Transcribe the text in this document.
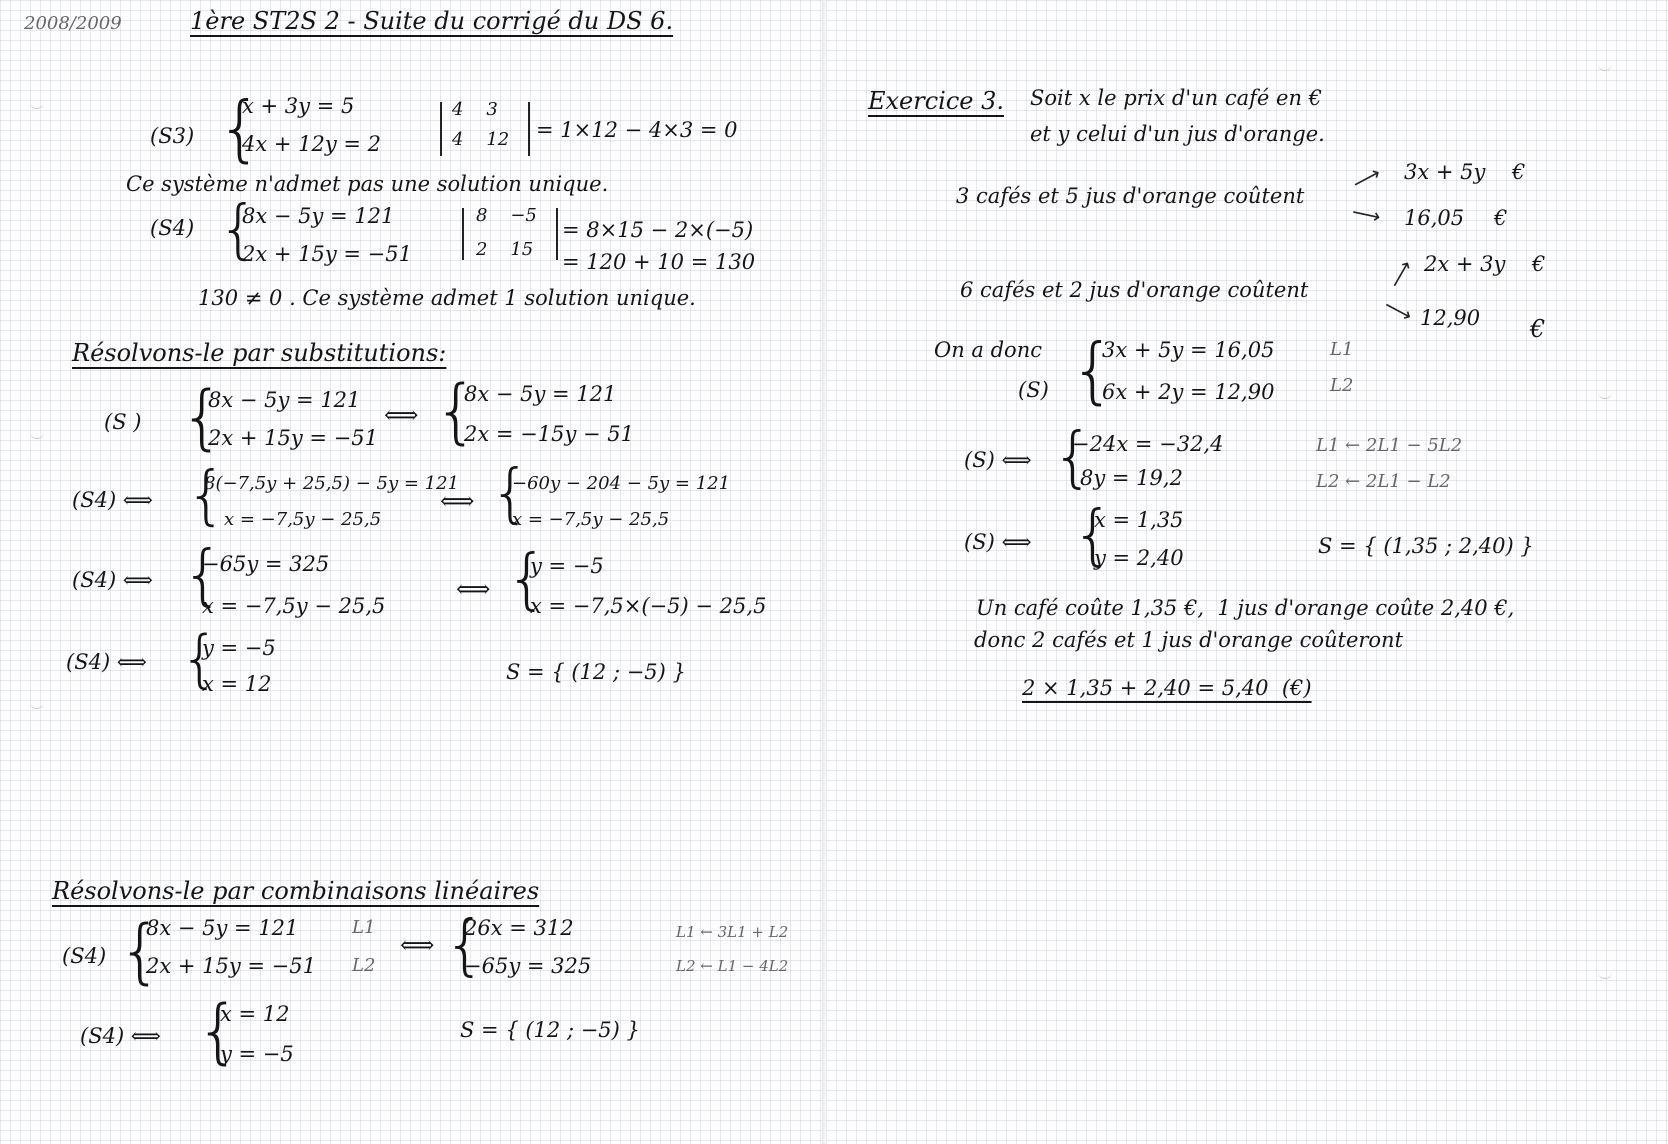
2008/2009	1ère ST2S 2 - Suite du corrigé du DS 6.
(S3) {
x + 3y = 5
4x + 12y = 2
4    3
4    12 = 1×12 − 4×3 = 0
Ce système n'admet pas une solution unique.
(S4) {
8x − 5y = 121
2x + 15y = −51
8    −5
2    15
= 8×15 − 2×(−5)
= 120 + 10 = 130
130 ≠ 0 . Ce système admet 1 solution unique.
Résolvons-le par substitutions:
(S ) {
8x − 5y = 121
2x + 15y = −51
⟺ {
8x − 5y = 121
2x = −15y − 51
(S4) ⟺ {
8(−7,5y + 25,5) − 5y = 121
x = −7,5y − 25,5
⟺ {
−60y − 204 − 5y = 121
x = −7,5y − 25,5
(S4) ⟺ {
−65y = 325
x = −7,5y − 25,5
⟺ {
y = −5
x = −7,5×(−5) − 25,5
(S4) ⟺ {
y = −5
x = 12	S = { (12 ; −5) }
Résolvons-le par combinaisons linéaires
(S4) {
8x − 5y = 121	L1
2x + 15y = −51 L2
⟺ {
26x = 312
−65y = 325
L1 ← 3L1 + L2
L2 ← L1 − 4L2
(S4) ⟺ {
x = 12
y = −5
S = { (12 ; −5) }
Exercice 3. Soit x le prix d'un café en €
et y celui d'un jus d'orange.
3 cafés et 5 jus d'orange coûtent
⟶ 3x + 5y €
⟶ 16,05 €
6 cafés et 2 jus d'orange coûtent	⟶ 2x + 3y €
⟶ 12,90 €
On a donc
(S) {
3x + 5y = 16,05	L1
6x + 2y = 12,90	L2
(S) ⟺ {
−24x = −32,4
8y = 19,2
L1 ← 2L1 − 5L2
L2 ← 2L1 − L2
(S) ⟺ {
x = 1,35
y = 2,40	S = { (1,35 ; 2,40) }
Un café coûte 1,35 €,  1 jus d'orange coûte 2,40 €,
donc 2 cafés et 1 jus d'orange coûteront
2 × 1,35 + 2,40 = 5,40  (€)
